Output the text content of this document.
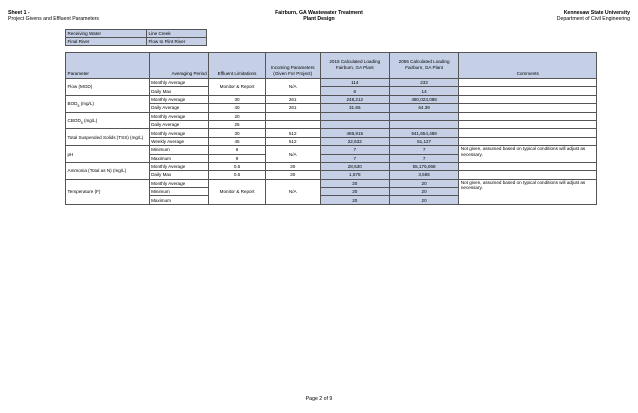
Sheet 1 -
Project Givens and Effluent Parameters
Fairburn, GA Wastewater Treatment
Plant Design
Kennesaw State University
Department of Civil Engineering
Receiving Water	Line Creek
Final River	Flow to Flint River
Parameter	Averaging Period	Effluent Limitations	Incoming Parameters (Given For Project)	2015 Calculated Loading Fairburn, GA Plant	2055 Calculated Loading Fairburn, GA Plant	Comments
Flow (MGD)	Monthly Average	Monitor & Report	N/A	114	232	
	Daily Max			6	14	
$BOD_5$ (mg/L)	Monthly Average	30	261	248,212	480,023,088	
	Daily Average	40	261	31.66	64.39	
$CBOD_5$ (mg/L)	Monthly Average	20				
	Daily Average	25				
Total Suspended Solids (TSS) (mg/L)	Monthly Average	30	512	486,915	941,654,488	
	Weekly Average	45	512	22,632	51,127	
pH	Minimum	6	N/A	7	7	Not given, assumed based on typical conditions will adjust as necessary.
	Maximum	9		7	7	
Ammonia (Total as N) (mg/L)	Monthly Average	0.5	30	28,530	55,175,068	
	Daily Max	0.5	30	1,578	3,565	
Temperature (F)	Monthly Average	Monitor & Report	N/A	20	20	Not given, assumed based on typical conditions will adjust as necessary.
	Minimum			20	20	
	Maximum			20	20	
Page 2 of 9
